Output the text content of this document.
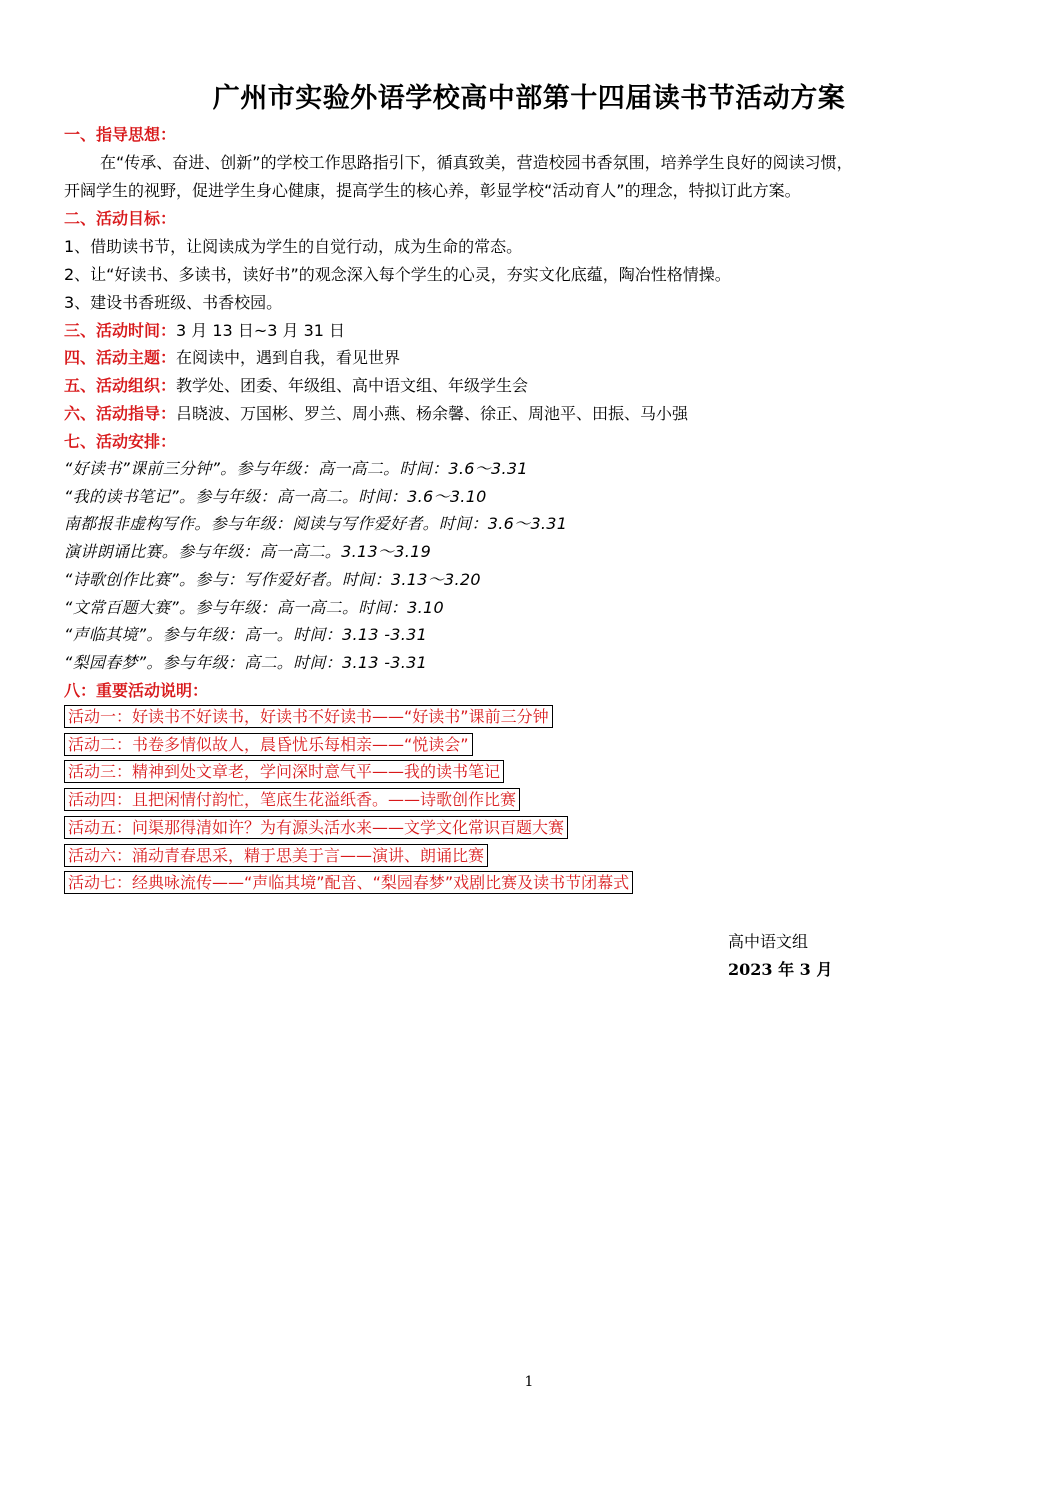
广州市实验外语学校高中部第十四届读书节活动方案
一、指导思想：
在“传承、奋进、创新”的学校工作思路指引下，循真致美，营造校园书香氛围，培养学生良好的阅读习惯，
开阔学生的视野，促进学生身心健康，提高学生的核心养，彰显学校“活动育人”的理念，特拟订此方案。
二、活动目标：
1、借助读书节，让阅读成为学生的自觉行动，成为生命的常态。
2、让“好读书、多读书，读好书”的观念深入每个学生的心灵，夯实文化底蕴，陶冶性格情操。
3、建设书香班级、书香校园。
三、活动时间：3 月 13 日~3 月 31 日
四、活动主题：在阅读中，遇到自我，看见世界
五、活动组织：教学处、团委、年级组、高中语文组、年级学生会
六、活动指导：吕晓波、万国彬、罗兰、周小燕、杨余馨、徐正、周池平、田振、马小强
七、活动安排：
“好读书”课前三分钟”。参与年级：高一高二。时间：3.6～3.31
“我的读书笔记”。参与年级：高一高二。时间：3.6～3.10
南都报非虚构写作。参与年级：阅读与写作爱好者。时间：3.6～3.31
演讲朗诵比赛。参与年级：高一高二。3.13～3.19
“诗歌创作比赛”。参与：写作爱好者。时间：3.13～3.20
“文常百题大赛”。参与年级：高一高二。时间：3.10
“声临其境”。参与年级：高一。时间：3.13 -3.31
“梨园春梦”。参与年级：高二。时间：3.13 -3.31
八：重要活动说明：
活动一：好读书不好读书，好读书不好读书——“好读书”课前三分钟
活动二：书卷多情似故人，晨昏忧乐每相亲——“悦读会”
活动三：精神到处文章老，学问深时意气平——我的读书笔记
活动四：且把闲情付韵忙，笔底生花溢纸香。——诗歌创作比赛
活动五：问渠那得清如许？为有源头活水来——文学文化常识百题大赛
活动六：涌动青春思采，精于思美于言——演讲、朗诵比赛
活动七：经典咏流传——“声临其境”配音、“梨园春梦”戏剧比赛及读书节闭幕式
高中语文组
2023 年 3 月
1
